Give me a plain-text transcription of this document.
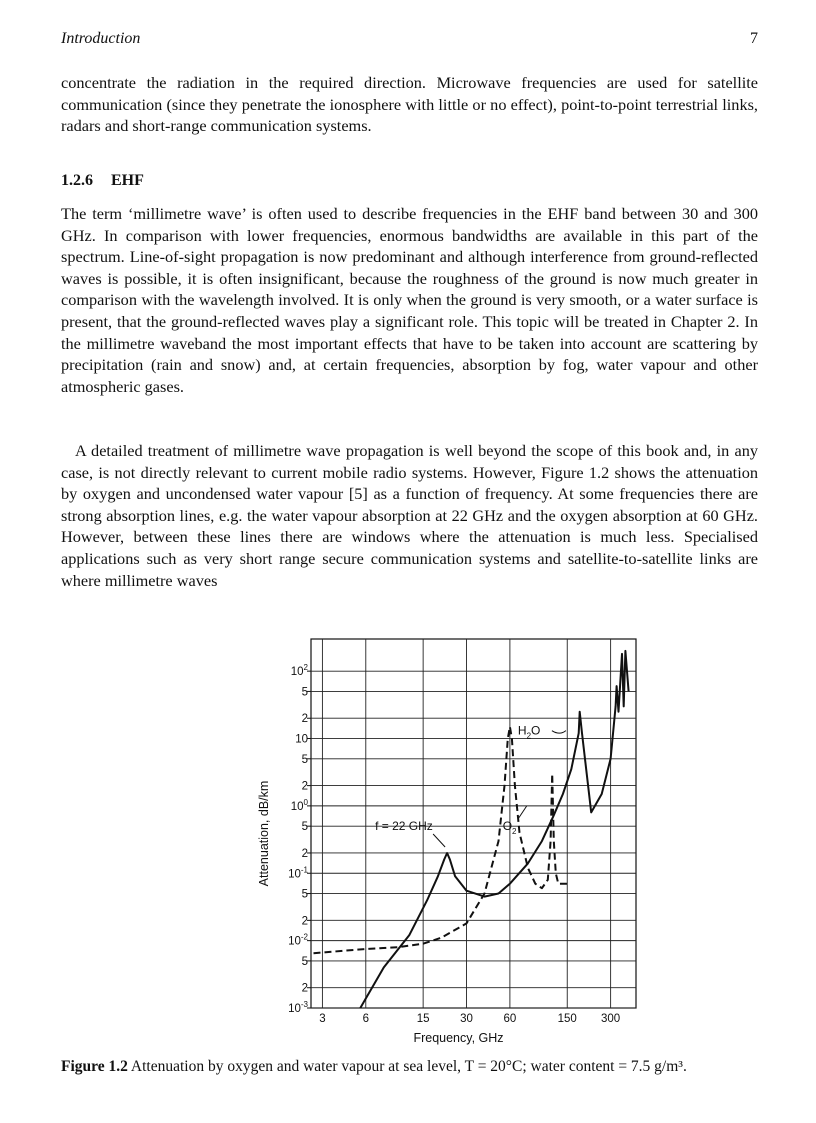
Introduction	7

concentrate the radiation in the required direction. Microwave frequencies are used for satellite communication (since they penetrate the ionosphere with little or no effect), point-to-point terrestrial links, radars and short-range communication systems.

1.2.6 EHF

The term ‘millimetre wave’ is often used to describe frequencies in the EHF band between 30 and 300 GHz. In comparison with lower frequencies, enormous bandwidths are available in this part of the spectrum. Line-of-sight propagation is now predominant and although interference from ground-reflected waves is possible, it is often insignificant, because the roughness of the ground is now much greater in comparison with the wavelength involved. It is only when the ground is very smooth, or a water surface is present, that the ground-reflected waves play a significant role. This topic will be treated in Chapter 2. In the millimetre waveband the most important effects that have to be taken into account are scattering by precipitation (rain and snow) and, at certain frequencies, absorption by fog, water vapour and other atmospheric gases.

A detailed treatment of millimetre wave propagation is well beyond the scope of this book and, in any case, is not directly relevant to current mobile radio systems. However, Figure 1.2 shows the attenuation by oxygen and uncondensed water vapour [5] as a function of frequency. At some frequencies there are strong absorption lines, e.g. the water vapour absorption at 22 GHz and the oxygen absorption at 60 GHz. However, between these lines there are windows where the attenuation is much less. Specialised applications such as very short range secure communication systems and satellite-to-satellite links are where millimetre waves

$10^2$
5
2
10
5
2
$10^0$
5
2
$10^{-1}$
5
2
$10^{-2}$
5
2
$10^{-3}$
3	6	15	30	60	150 300
Frequency, GHz
Attenuation, dB/km	f = 22 GHz	$O_2$
$H_2O$
Figure 1.2 Attenuation by oxygen and water vapour at sea level, T = 20°C; water content = 7.5 g/m³.
